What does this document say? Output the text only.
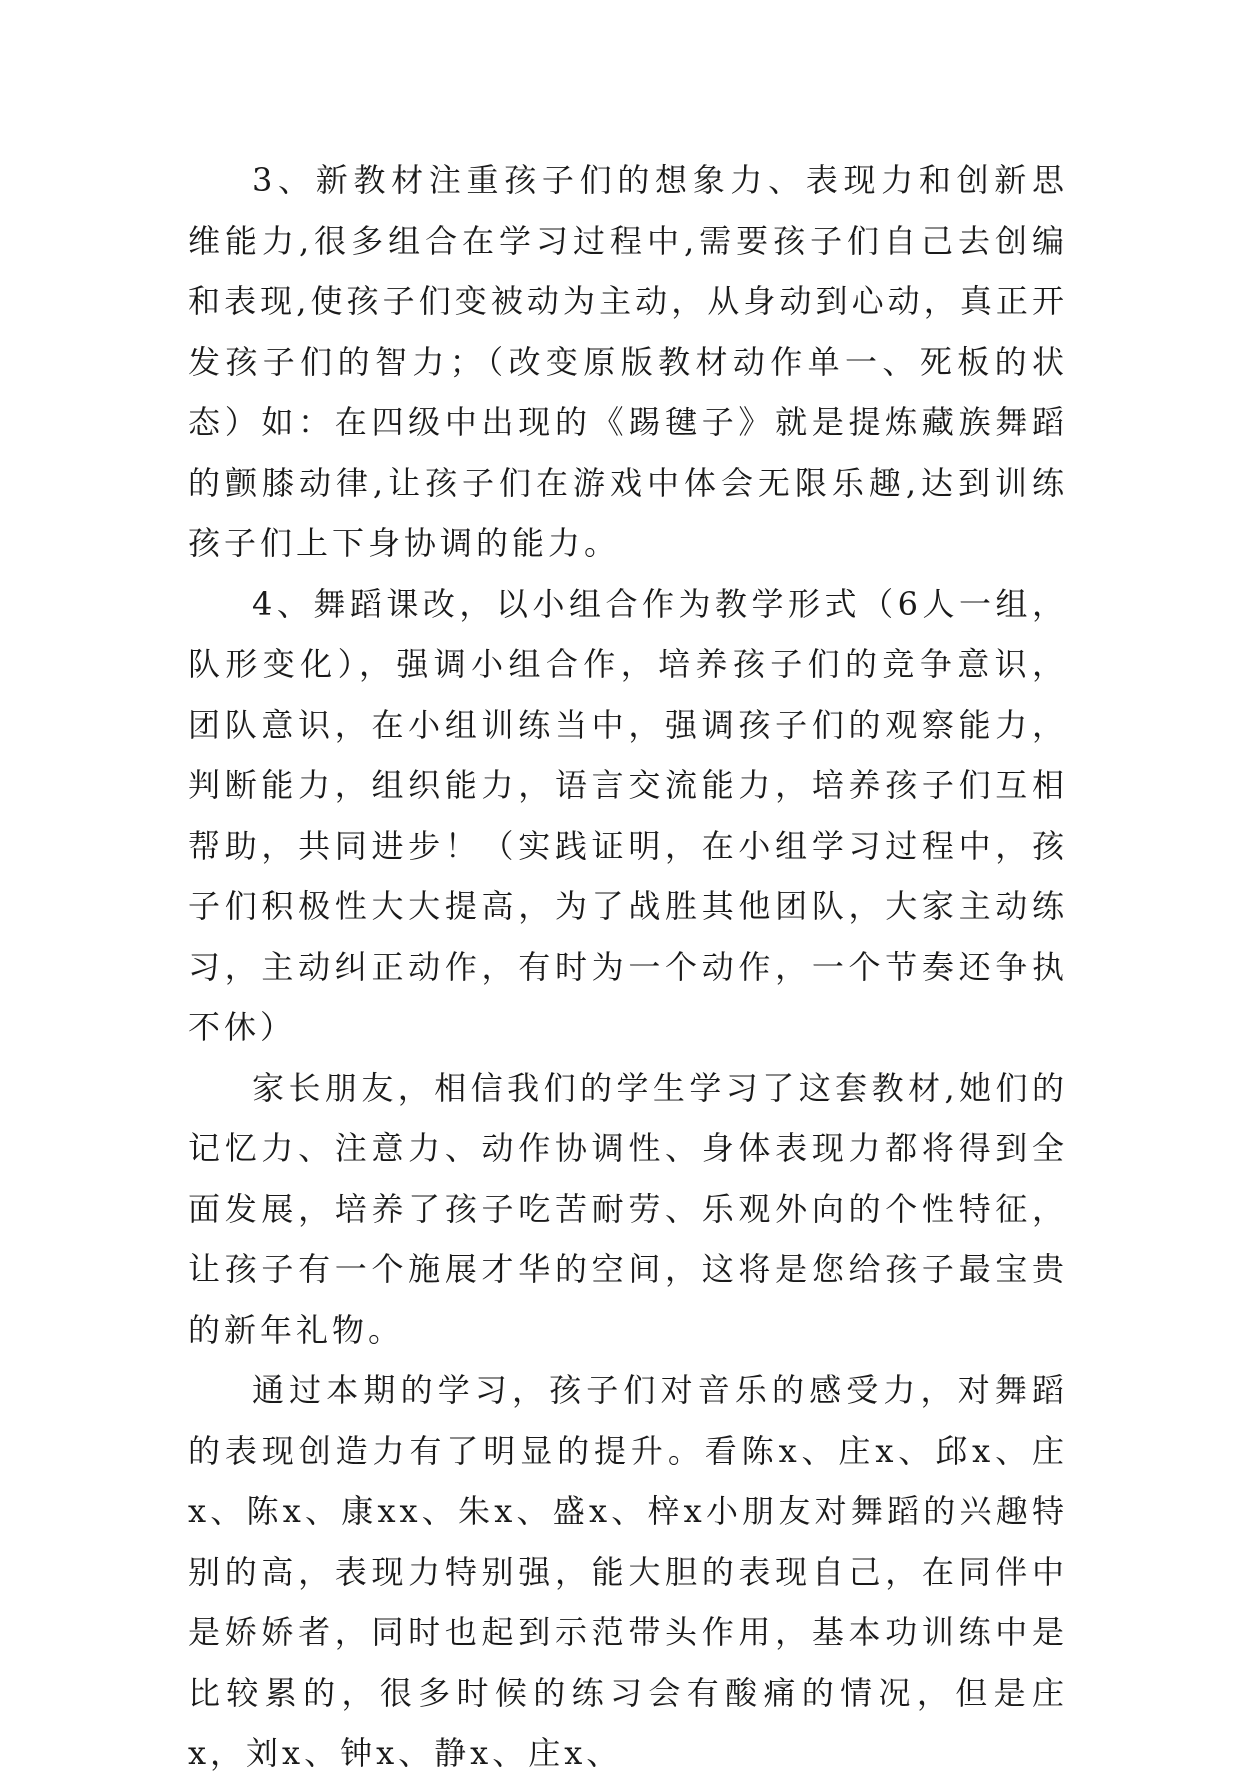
3、新教材注重孩子们的想象力、表现力和创新思维能力,很多组合在学习过程中,需要孩子们自己去创编和表现,使孩子们变被动为主动，从身动到心动，真正开发孩子们的智力；（改变原版教材动作单一、死板的状态）如：在四级中出现的《踢毽子》就是提炼藏族舞蹈的颤膝动律,让孩子们在游戏中体会无限乐趣,达到训练孩子们上下身协调的能力。

4、舞蹈课改，以小组合作为教学形式（6人一组，队形变化），强调小组合作，培养孩子们的竞争意识，团队意识，在小组训练当中，强调孩子们的观察能力，判断能力，组织能力，语言交流能力，培养孩子们互相帮助，共同进步！（实践证明，在小组学习过程中，孩子们积极性大大提高，为了战胜其他团队，大家主动练习，主动纠正动作，有时为一个动作，一个节奏还争执不休）

家长朋友，相信我们的学生学习了这套教材,她们的记忆力、注意力、动作协调性、身体表现力都将得到全面发展，培养了孩子吃苦耐劳、乐观外向的个性特征，让孩子有一个施展才华的空间，这将是您给孩子最宝贵的新年礼物。

通过本期的学习，孩子们对音乐的感受力，对舞蹈的表现创造力有了明显的提升。看陈x、庄x、邱x、庄x、陈x、康xx、朱x、盛x、梓x小朋友对舞蹈的兴趣特别的高，表现力特别强，能大胆的表现自己，在同伴中是娇娇者，同时也起到示范带头作用，基本功训练中是比较累的，很多时候的练习会有酸痛的情况，但是庄x，刘x、钟x、静x、庄x、
